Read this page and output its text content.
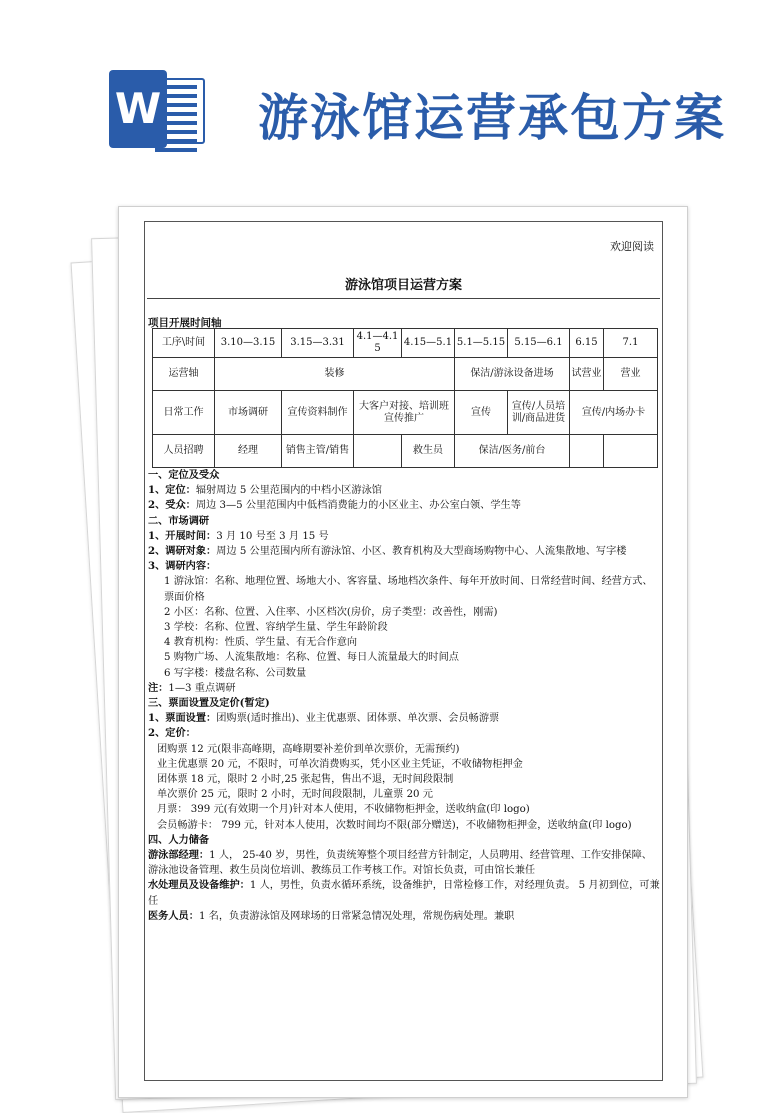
W 游泳馆运营承包方案
欢迎阅读
游泳馆项目运营方案
项目开展时间轴
工序\时间	3.10—3.15	3.15—3.31	4.1—4.15	4.15—5.1	5.1—5.15	5.15—6.1	6.15	7.1
运营轴	装修				保洁/游泳设备进场		试营业	营业
日常工作	市场调研	宣传资料制作	大客户对接、培训班宣传推广		宣传	宣传/人员培训/商品进货	宣传/内场办卡	
人员招聘	经理	销售主管/销售		救生员	保洁/医务/前台			

一、定位及受众

1、定位：辐射周边 5 公里范围内的中档小区游泳馆

2、受众：周边 3—5 公里范围内中低档消费能力的小区业主、办公室白领、学生等

二、市场调研

1、开展时间：3 月 10 号至 3 月 15 号

2、调研对象：周边 5 公里范围内所有游泳馆、小区、教育机构及大型商场购物中心、人流集散地、写字楼

3、调研内容：

1 游泳馆：名称、地理位置、场地大小、客容量、场地档次条件、每年开放时间、日常经营时间、经营方式、票面价格

2 小区：名称、位置、入住率、小区档次(房价，房子类型：改善性，刚需)

3 学校：名称、位置、容纳学生量、学生年龄阶段

4 教育机构：性质、学生量、有无合作意向

5 购物广场、人流集散地：名称、位置、每日人流量最大的时间点

6 写字楼：楼盘名称、公司数量

注：1—3 重点调研

三、票面设置及定价(暂定)

1、票面设置：团购票(适时推出)、业主优惠票、团体票、单次票、会员畅游票

2、定价：

团购票 12 元(限非高峰期，高峰期要补差价到单次票价，无需预约)

业主优惠票 20 元，不限时，可单次消费购买，凭小区业主凭证，不收储物柜押金

团体票 18 元，限时 2 小时,25 张起售，售出不退，无时间段限制

单次票价 25 元，限时 2 小时，无时间段限制，儿童票 20 元

月票： 399 元(有效期一个月)针对本人使用，不收储物柜押金，送收纳盒(印 logo)

会员畅游卡： 799 元，针对本人使用，次数时间均不限(部分赠送)，不收储物柜押金，送收纳盒(印 logo)

四、人力储备

游泳部经理：1 人， 25-40 岁，男性，负责统筹整个项目经营方针制定，人员聘用、经营管理、工作安排保障、游泳池设备管理、救生员岗位培训、教练员工作考核工作。对馆长负责，可由馆长兼任

水处理员及设备维护：1 人，男性，负责水循环系统，设备维护，日常检修工作，对经理负责。 5 月初到位，可兼任

医务人员：1 名，负责游泳馆及网球场的日常紧急情况处理，常规伤病处理。兼职
